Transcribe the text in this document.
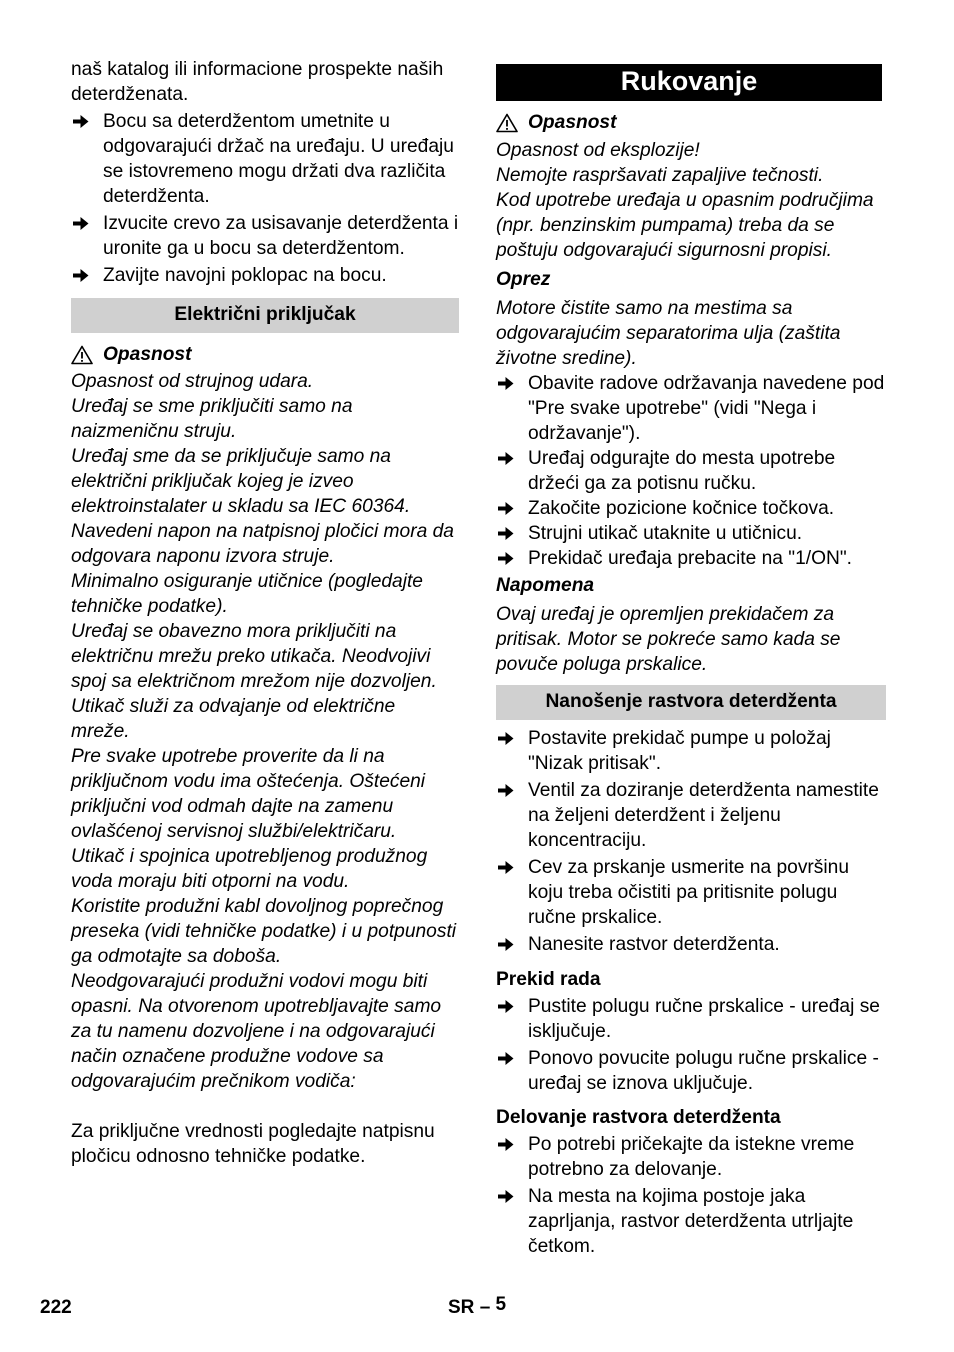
naš katalog ili informacione prospekte naših deterdženata.

Bocu sa deterdžentom umetnite u odgovarajući držač na uređaju. U uređaju se istovremeno mogu držati dva različita deterdženta.
Izvucite crevo za usisavanje deterdženta i uronite ga u bocu sa deterdžentom.
Zavijte navojni poklopac na bocu.
Električni priključak
Opasnost

Opasnost od strujnog udara.

Uređaj se sme priključiti samo na naizmeničnu struju.

Uređaj sme da se priključuje samo na električni priključak kojeg je izveo elektroinstalater u skladu sa IEC 60364.

Navedeni napon na natpisnoj pločici mora da odgovara naponu izvora struje.

Minimalno osiguranje utičnice (pogledajte tehničke podatke).

Uređaj se obavezno mora priključiti na električnu mrežu preko utikača. Neodvojivi spoj sa električnom mrežom nije dozvoljen. Utikač služi za odvajanje od električne mreže.

Pre svake upotrebe proverite da li na priključnom vodu ima oštećenja. Oštećeni priključni vod odmah dajte na zamenu ovlašćenoj servisnoj službi/električaru.

Utikač i spojnica upotrebljenog produžnog voda moraju biti otporni na vodu.

Koristite produžni kabl dovoljnog poprečnog preseka (vidi tehničke podatke) i u potpunosti ga odmotajte sa doboša.

Neodgovarajući produžni vodovi mogu biti opasni. Na otvorenom upotrebljavajte samo za tu namenu dozvoljene i na odgovarajući način označene produžne vodove sa odgovarajućim prečnikom vodiča:

Za priključne vrednosti pogledajte natpisnu pločicu odnosno tehničke podatke.

Rukovanje
Opasnost

Opasnost od eksplozije!

Nemojte raspršavati zapaljive tečnosti.

Kod upotrebe uređaja u opasnim područjima (npr. benzinskim pumpama) treba da se poštuju odgovarajući sigurnosni propisi.

Oprez

Motore čistite samo na mestima sa odgovarajućim separatorima ulja (zaštita životne sredine).

Obavite radove održavanja navedene pod "Pre svake upotrebe" (vidi "Nega i održavanje").
Uređaj odgurajte do mesta upotrebe držeći ga za potisnu ručku.
Zakočite pozicione kočnice točkova.
Strujni utikač utaknite u utičnicu.
Prekidač uređaja prebacite na "1/ON".

Napomena

Ovaj uređaj je opremljen prekidačem za pritisak. Motor se pokreće samo kada se povuče poluga prskalice.

Nanošenje rastvora deterdženta
Postavite prekidač pumpe u položaj "Nizak pritisak".
Ventil za doziranje deterdženta namestite na željeni deterdžent i željenu koncentraciju.
Cev za prskanje usmerite na površinu koju treba očistiti pa pritisnite polugu ručne prskalice.
Nanesite rastvor deterdženta.

Prekid rada

Pustite polugu ručne prskalice - uređaj se isključuje.
Ponovo povucite polugu ručne prskalice - uređaj se iznova uključuje.

Delovanje rastvora deterdženta

Po potrebi pričekajte da istekne vreme potrebno za delovanje.
Na mesta na kojima postoje jaka zaprljanja, rastvor deterdženta utrljajte četkom.
222	SR – 5
